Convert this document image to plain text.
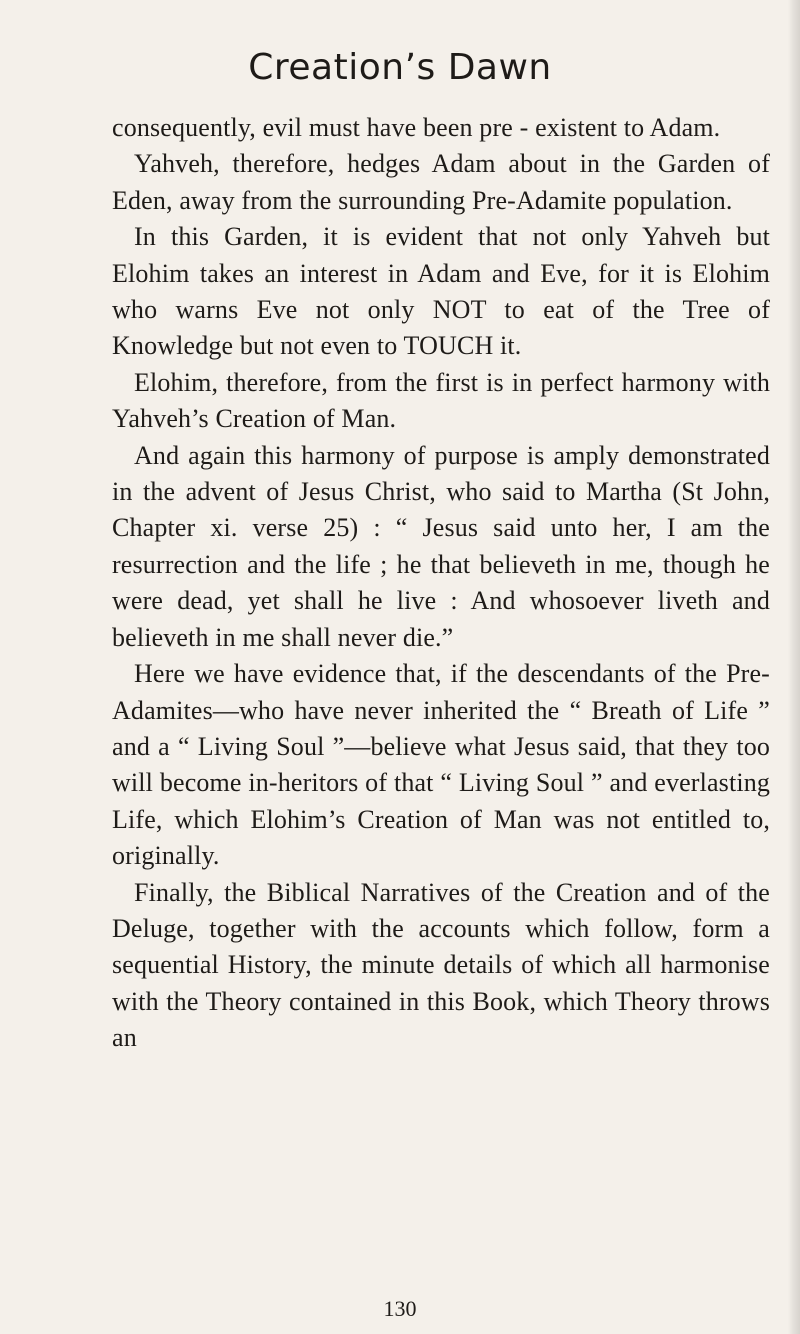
Creation’s Dawn

consequently, evil must have been pre - existent to Adam.

Yahveh, therefore, hedges Adam about in the Garden of Eden, away from the surrounding Pre-Adamite population.

In this Garden, it is evident that not only Yahveh but Elohim takes an interest in Adam and Eve, for it is Elohim who warns Eve not only NOT to eat of the Tree of Knowledge but not even to TOUCH it.

Elohim, therefore, from the first is in perfect harmony with Yahveh’s Creation of Man.

And again this harmony of purpose is amply demonstrated in the advent of Jesus Christ, who said to Martha (St John, Chapter xi. verse 25) : “ Jesus said unto her, I am the resurrection and the life ; he that believeth in me, though he were dead, yet shall he live : And whosoever liveth and believeth in me shall never die.”

Here we have evidence that, if the descendants of the Pre-Adamites—who have never inherited the “ Breath of Life ” and a “ Living Soul ”—believe what Jesus said, that they too will become in-heritors of that “ Living Soul ” and everlasting Life, which Elohim’s Creation of Man was not entitled to, originally.

Finally, the Biblical Narratives of the Creation and of the Deluge, together with the accounts which follow, form a sequential History, the minute details of which all harmonise with the Theory contained in this Book, which Theory throws an

130
